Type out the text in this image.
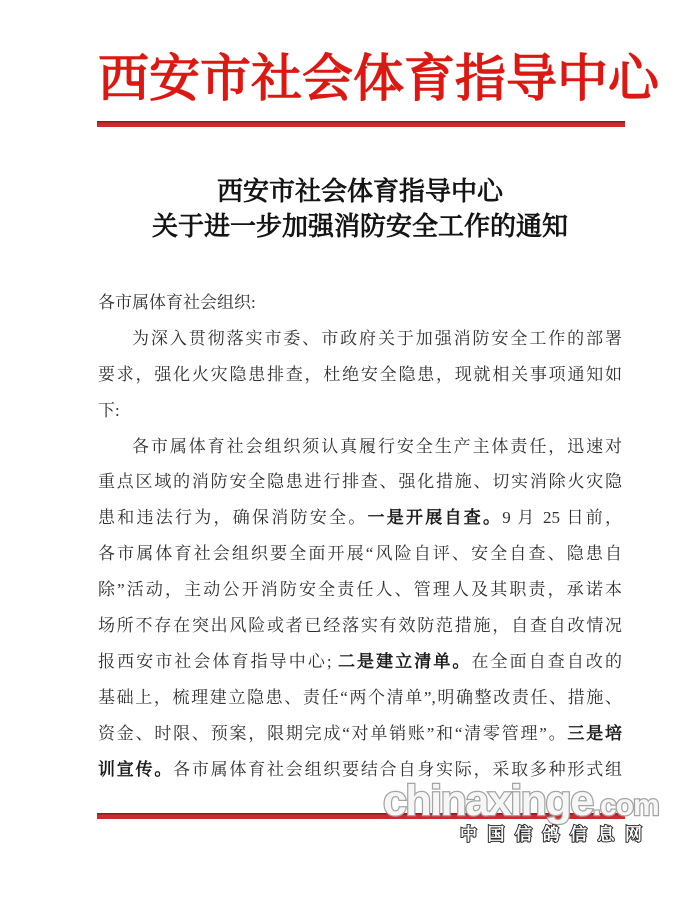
西安市社会体育指导中心
西安市社会体育指导中心
关于进一步加强消防安全工作的通知
各市属体育社会组织:
为深入贯彻落实市委、市政府关于加强消防安全工作的部署
要求，强化火灾隐患排查，杜绝安全隐患，现就相关事项通知如
下:
各市属体育社会组织须认真履行安全生产主体责任，迅速对
重点区域的消防安全隐患进行排查、强化措施、切实消除火灾隐
患和违法行为，确保消防安全。一是开展自查。9 月 25 日前，
各市属体育社会组织要全面开展“风险自评、安全自查、隐患自
除”活动，主动公开消防安全责任人、管理人及其职责，承诺本
场所不存在突出风险或者已经落实有效防范措施，自查自改情况
报西安市社会体育指导中心; 二是建立清单。在全面自查自改的
基础上，梳理建立隐患、责任“两个清单”,明确整改责任、措施、
资金、时限、预案，限期完成“对单销账”和“清零管理”。三是培
训宣传。各市属体育社会组织要结合自身实际，采取多种形式组
chinaxinge .com
中国信鸽信息网
